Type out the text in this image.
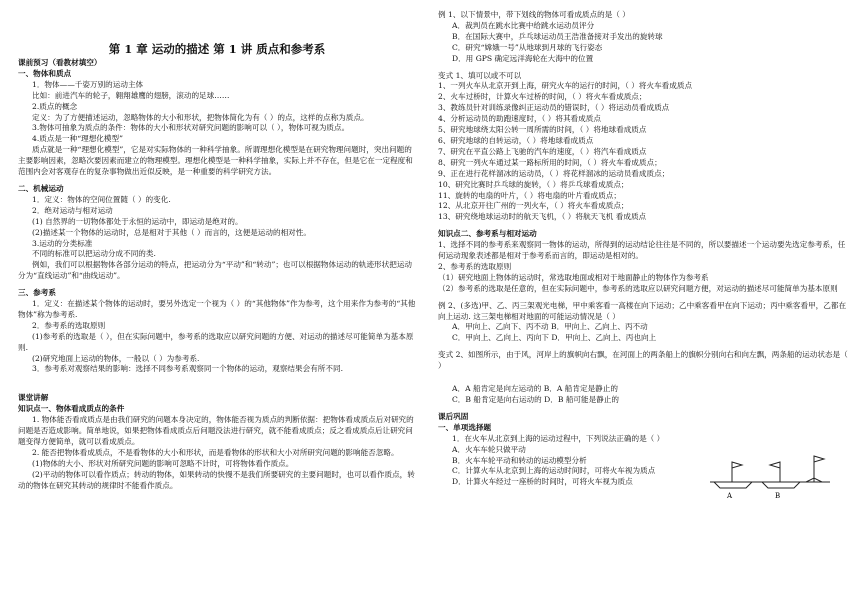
第 1 章 运动的描述 第 1 讲 质点和参考系
课前预习（看教材填空）
一、物体和质点
1．物体——千姿万别的运动主体
比如：前进汽车的轮子，翱翔雄鹰的翅膀，滚动的足球……
2.质点的概念
定义：为了方便描述运动，忽略物体的大小和形状，把物体简化为有（ ）的点，这样的点称为质点。
3.物体可抽象为质点的条件：物体的大小和形状对研究问题的影响可以（ ），物体可视为质点。
4.质点是一种“理想化模型”
质点就是一种“理想化模型”，它是对实际物体的一种科学抽象。所谓理想化模型是在研究物理问题时，突出问题的主要影响因素，忽略次要因素而建立的物理模型。理想化模型是一种科学抽象，实际上并不存在，但是它在一定程度和范围内会对客观存在的复杂事物做出近似反映，是一种重要的科学研究方法。
二、机械运动
1．定义：物体的空间位置随（ ）的变化.
2．绝对运动与相对运动
(1) 自然界的一切物体都处于永恒的运动中，即运动是绝对的。
(2)描述某一个物体的运动时，总是相对于其他（ ）而言的，这便是运动的相对性。
3.运动的分类标准
不同的标准可以把运动分成不同的类.
例如，我们可以根据物体各部分运动的特点，把运动分为“平动”和“转动”；也可以根据物体运动的轨迹形状把运动分为“直线运动”和“曲线运动”。
三、参考系
1．定义：在描述某个物体的运动时，要另外选定一个视为（ ）的“其他物体”作为参考，这个用来作为参考的“其他物体”称为参考系.
2．参考系的选取原则
(1)参考系的选取是（ ），但在实际问题中，参考系的选取应以研究问题的方便、对运动的描述尽可能简单为基本原则.
(2)研究地面上运动的物体，一般以（ ）为参考系.
3．参考系对观察结果的影响：选择不同参考系观察同一个物体的运动，观察结果会有所不同.
课堂讲解
知识点一、物体看成质点的条件
1. 物体能否看成质点是由我们研究的问题本身决定的，物体能否视为质点的判断依据：把物体看成质点后对研究的问题是否造成影响。简单地说，如果把物体看成质点后问题没法进行研究，就不能看成质点；反之看成质点后让研究问题变得方便简单，就可以看成质点。
2. 能否把物体看成质点，不是看物体的大小和形状，而是看物体的形状和大小对所研究问题的影响能否忽略。
(1)物体的大小、形状对所研究问题的影响可忽略不计时，可将物体看作质点。
(2)平动的物体可以看作质点；转动的物体，如果转动的快慢不是我们所要研究的主要问题时，也可以看作质点，转动的物体在研究其转动的规律时不能看作质点。
例 1、以下情景中，带下划线的物体可看成质点的是（ ）
A．裁判员在跳水比赛中给跳水运动员评分
B．在国际大赛中，乒乓球运动员王浩准备接对手发出的旋转球
C．研究“嫦娥一号”从地球到月球的飞行姿态
D．用 GPS 确定远洋海轮在大海中的位置
变式 1、填可以或不可以
1、一列火车从北京开到上海，研究火车的运行的时间，（ ）将火车看成质点
2、火车过桥时，计算火车过桥的时间，（ ）将火车看成质点；
3、教练员针对训练录像纠正运动员的错误时，（ ）将运动员看成质点
4、分析运动员的助跑速度时，（ ）将其看成质点
5、研究地球绕太阳公转一周所需的时间，（ ）将地球看成质点
6、研究地球的自转运动，（ ）将地球看成质点
7、研究在平直公路上飞驰的汽车的速度，（ ）将汽车看成质点
8、研究一列火车通过某一路标所用的时间，（ ）将火车看成质点；
9、正在进行花样溜冰的运动员，（ ）将花样溜冰的运动员看成质点；
10、研究比赛时乒乓球的旋转，（ ）将乒乓球看成质点；
11、旋转的电扇的叶片，（ ）将电扇的叶片看成质点；
12、从北京开往广州的一列火车，（ ）将火车看成质点；
13、研究绕地球运动时的航天飞机，（ ）将航天飞机 看成质点
知识点二、参考系与相对运动
1、选择不同的参考系来观察同一物体的运动，所得到的运动结论往往是不同的，所以要描述一个运动要先选定参考系，任何运动现象表述都是相对于参考系而言的，即运动是相对的。
2、参考系的选取原则
（1）研究地面上物体的运动时，常选取地面或相对于地面静止的物体作为参考系
（2）参考系的选取是任意的，但在实际问题中，参考系的选取应以研究问题方便，对运动的描述尽可能简单为基本原则
例 2、(多选)甲、乙、丙三架观光电梯，甲中乘客看一高楼在向下运动；乙中乘客看甲在向下运动；丙中乘客看甲，乙都在向上运动. 这三架电梯相对地面的可能运动情况是（ ）
A．甲向上、乙向下、丙不动 B．甲向上、乙向上、丙不动
C．甲向上、乙向上、丙向下 D．甲向上、乙向上、丙也向上
变式 2、如图所示，由于风，河岸上的旗帜向右飘，在河面上的两条船上的旗帜分别向右和向左飘，两条船的运动状态是（ ）
A．A 船肯定是向左运动的 B．A 船肯定是静止的
C．B 船肯定是向右运动的 D．B 船可能是静止的
课后巩固
一、单项选择题
1．在火车从北京到上海的运动过程中，下列说法正确的是（ ）
A．火车车轮只做平动
B．火车车轮平动和转动的运动模型分析
C．计算火车从北京到上海的运动时间时，可将火车视为质点
D．计算火车经过一座桥的时间时，可将火车视为质点
A	B
